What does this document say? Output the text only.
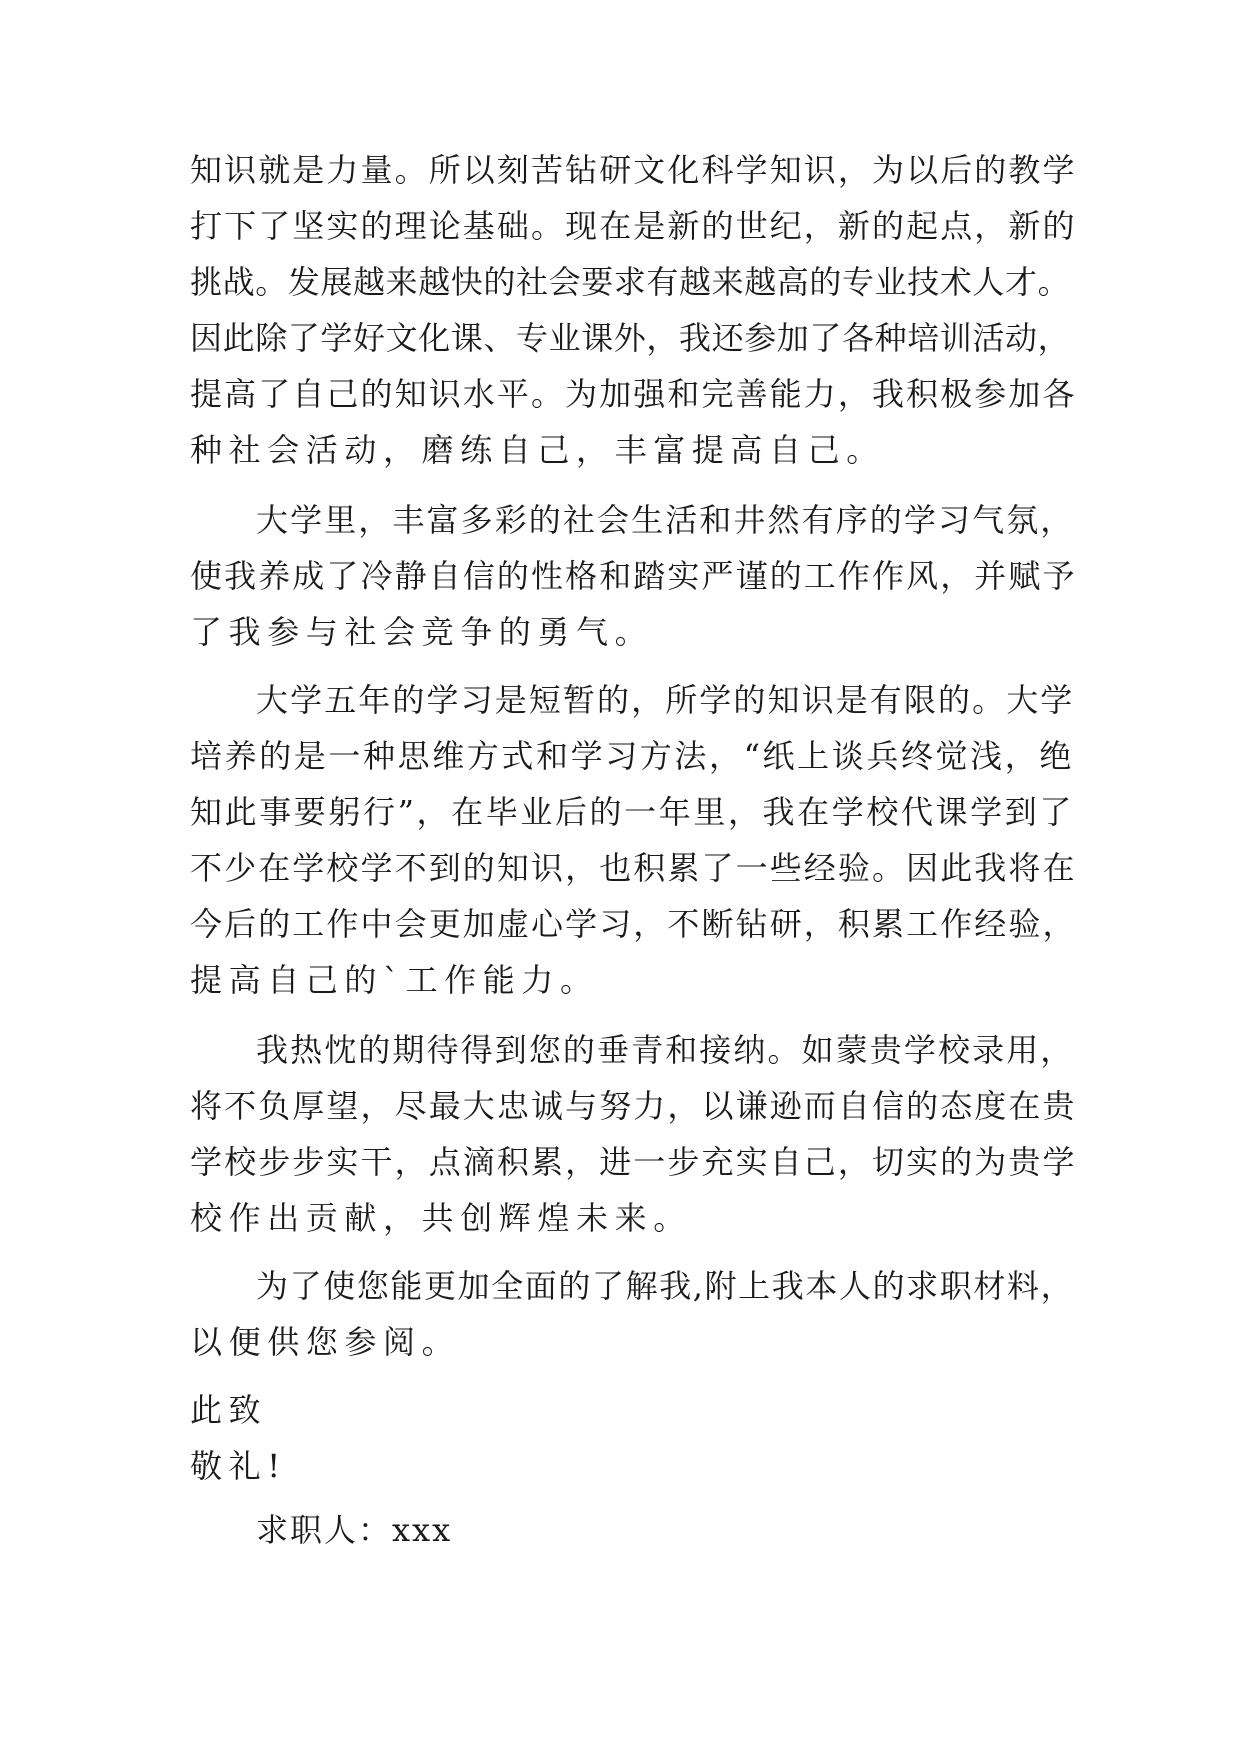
知识就是力量。所以刻苦钻研文化科学知识，为以后的教学

打下了坚实的理论基础。现在是新的世纪，新的起点，新的

挑战。发展越来越快的社会要求有越来越高的专业技术人才。

因此除了学好文化课、专业课外，我还参加了各种培训活动，

提高了自己的知识水平。为加强和完善能力，我积极参加各

种社会活动，磨练自己，丰富提高自己。

大学里，丰富多彩的社会生活和井然有序的学习气氛，

使我养成了冷静自信的性格和踏实严谨的工作作风，并赋予

了我参与社会竞争的勇气。

大学五年的学习是短暂的，所学的知识是有限的。大学

培养的是一种思维方式和学习方法，“纸上谈兵终觉浅，绝

知此事要躬行”，在毕业后的一年里，我在学校代课学到了

不少在学校学不到的知识，也积累了一些经验。因此我将在

今后的工作中会更加虚心学习，不断钻研，积累工作经验，

提高自己的`工作能力。

我热忱的期待得到您的垂青和接纳。如蒙贵学校录用，

将不负厚望，尽最大忠诚与努力，以谦逊而自信的态度在贵

学校步步实干，点滴积累，进一步充实自己，切实的为贵学

校作出贡献，共创辉煌未来。

为了使您能更加全面的了解我,附上我本人的求职材料，

以便供您参阅。

此致

敬礼!

求职人：xxx
